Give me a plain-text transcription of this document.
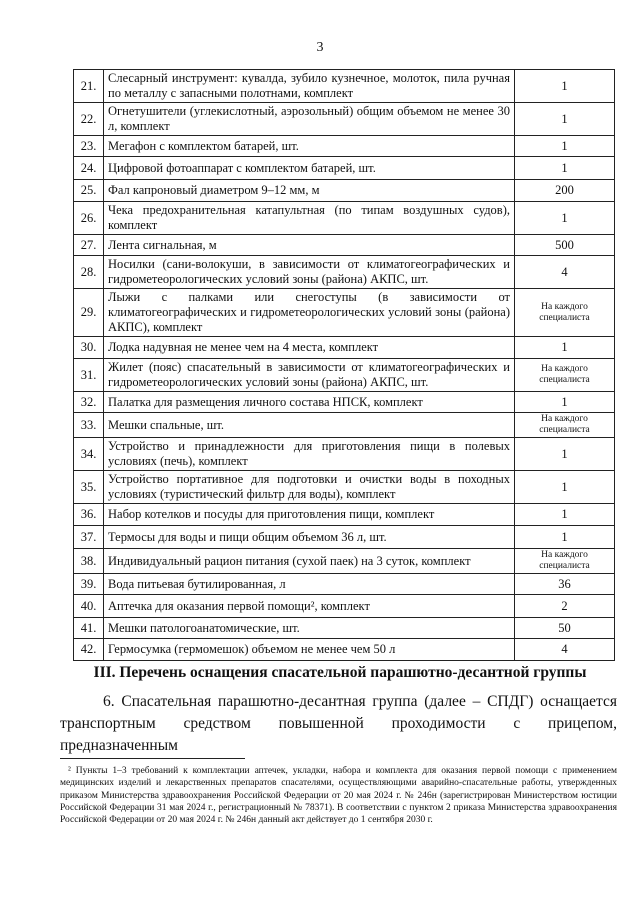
3
21.	Слесарный инструмент: кувалда, зубило кузнечное, молоток, пила ручная по металлу с запасными полотнами, комплект	1
22.	Огнетушители (углекислотный, аэрозольный) общим объемом не менее 30 л, комплект	1
23.	Мегафон с комплектом батарей, шт.	1
24.	Цифровой фотоаппарат с комплектом батарей, шт.	1
25.	Фал капроновый диаметром 9–12 мм, м	200
26.	Чека предохранительная катапультная (по типам воздушных судов), комплект	1
27.	Лента сигнальная, м	500
28.	Носилки (сани-волокуши, в зависимости от климатогеографических и гидрометеорологических условий зоны (района) АКПС, шт.	4
29.	Лыжи с палками или снегоступы (в зависимости от климатогеографических и гидрометеорологических условий зоны (района) АКПС), комплект	На каждого специалиста
30.	Лодка надувная не менее чем на 4 места, комплект	1
31.	Жилет (пояс) спасательный в зависимости от климатогеографических и гидрометеорологических условий зоны (района) АКПС, шт.	На каждого специалиста
32.	Палатка для размещения личного состава НПСК, комплект	1
33.	Мешки спальные, шт.	На каждого специалиста
34.	Устройство и принадлежности для приготовления пищи в полевых условиях (печь), комплект	1
35.	Устройство портативное для подготовки и очистки воды в походных условиях (туристический фильтр для воды), комплект	1
36.	Набор котелков и посуды для приготовления пищи, комплект	1
37.	Термосы для воды и пищи общим объемом 36 л, шт.	1
38.	Индивидуальный рацион питания (сухой паек) на 3 суток, комплект	На каждого специалиста
39.	Вода питьевая бутилированная, л	36
40.	Аптечка для оказания первой помощи², комплект	2
41.	Мешки патологоанатомические, шт.	50
42.	Гермосумка (гермомешок) объемом не менее чем 50 л	4
III. Перечень оснащения спасательной парашютно-десантной группы
6. Спасательная парашютно-десантная группа (далее – СПДГ) оснащается транспортным средством повышенной проходимости с прицепом, предназначенным
² Пункты 1–3 требований к комплектации аптечек, укладки, набора и комплекта для оказания первой помощи с применением медицинских изделий и лекарственных препаратов спасателями, осуществляющими аварийно-спасательные работы, утвержденных приказом Министерства здравоохранения Российской Федерации от 20 мая 2024 г. № 246н (зарегистрирован Министерством юстиции Российской Федерации 31 мая 2024 г., регистрационный № 78371). В соответствии с пунктом 2 приказа Министерства здравоохранения Российской Федерации от 20 мая 2024 г. № 246н данный акт действует до 1 сентября 2030 г.
